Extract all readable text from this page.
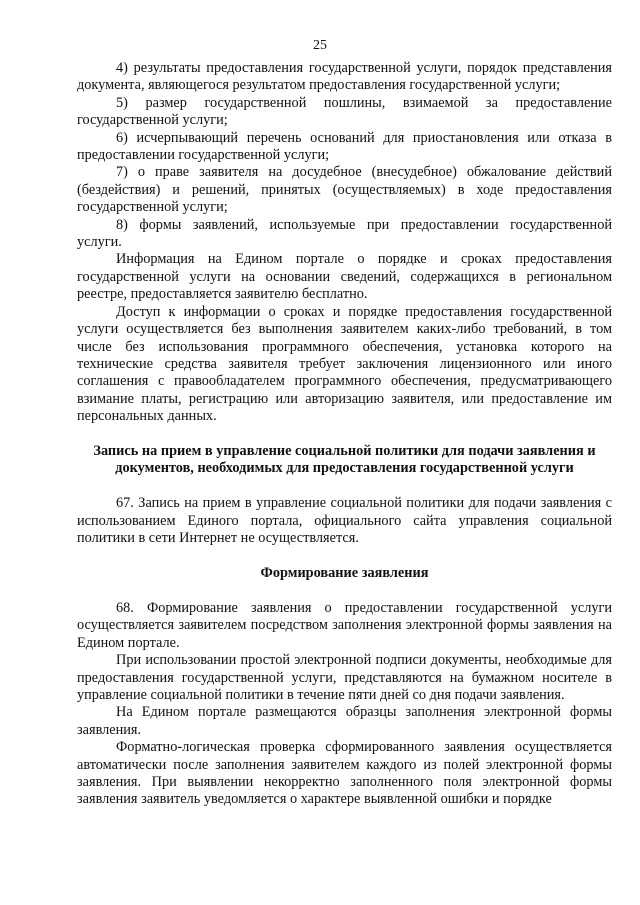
25

4) результаты предоставления государственной услуги, порядок представления документа, являющегося результатом предоставления государственной услуги;

5) размер государственной пошлины, взимаемой за предоставление государственной услуги;

6) исчерпывающий перечень оснований для приостановления или отказа в предоставлении государственной услуги;

7) о праве заявителя на досудебное (внесудебное) обжалование действий (бездействия) и решений, принятых (осуществляемых) в ходе предоставления государственной услуги;

8) формы заявлений, используемые при предоставлении государственной услуги.

Информация на Едином портале о порядке и сроках предоставления государственной услуги на основании сведений, содержащихся в региональном реестре, предоставляется заявителю бесплатно.

Доступ к информации о сроках и порядке предоставления государственной услуги осуществляется без выполнения заявителем каких-либо требований, в том числе без использования программного обеспечения, установка которого на технические средства заявителя требует заключения лицензионного или иного соглашения с правообладателем программного обеспечения, предусматривающего взимание платы, регистрацию или авторизацию заявителя, или предоставление им персональных данных.

Запись на прием в управление социальной политики для подачи заявления и документов, необходимых для предоставления государственной услуги

67. Запись на прием в управление социальной политики для подачи заявления с использованием Единого портала, официального сайта управления социальной политики в сети Интернет не осуществляется.

Формирование заявления

68. Формирование заявления о предоставлении государственной услуги осуществляется заявителем посредством заполнения электронной формы заявления на Едином портале.

При использовании простой электронной подписи документы, необходимые для предоставления государственной услуги, представляются на бумажном носителе в управление социальной политики в течение пяти дней со дня подачи заявления.

На Едином портале размещаются образцы заполнения электронной формы заявления.

Форматно-логическая проверка сформированного заявления осуществляется автоматически после заполнения заявителем каждого из полей электронной формы заявления. При выявлении некорректно заполненного поля электронной формы заявления заявитель уведомляется о характере выявленной ошибки и порядке
